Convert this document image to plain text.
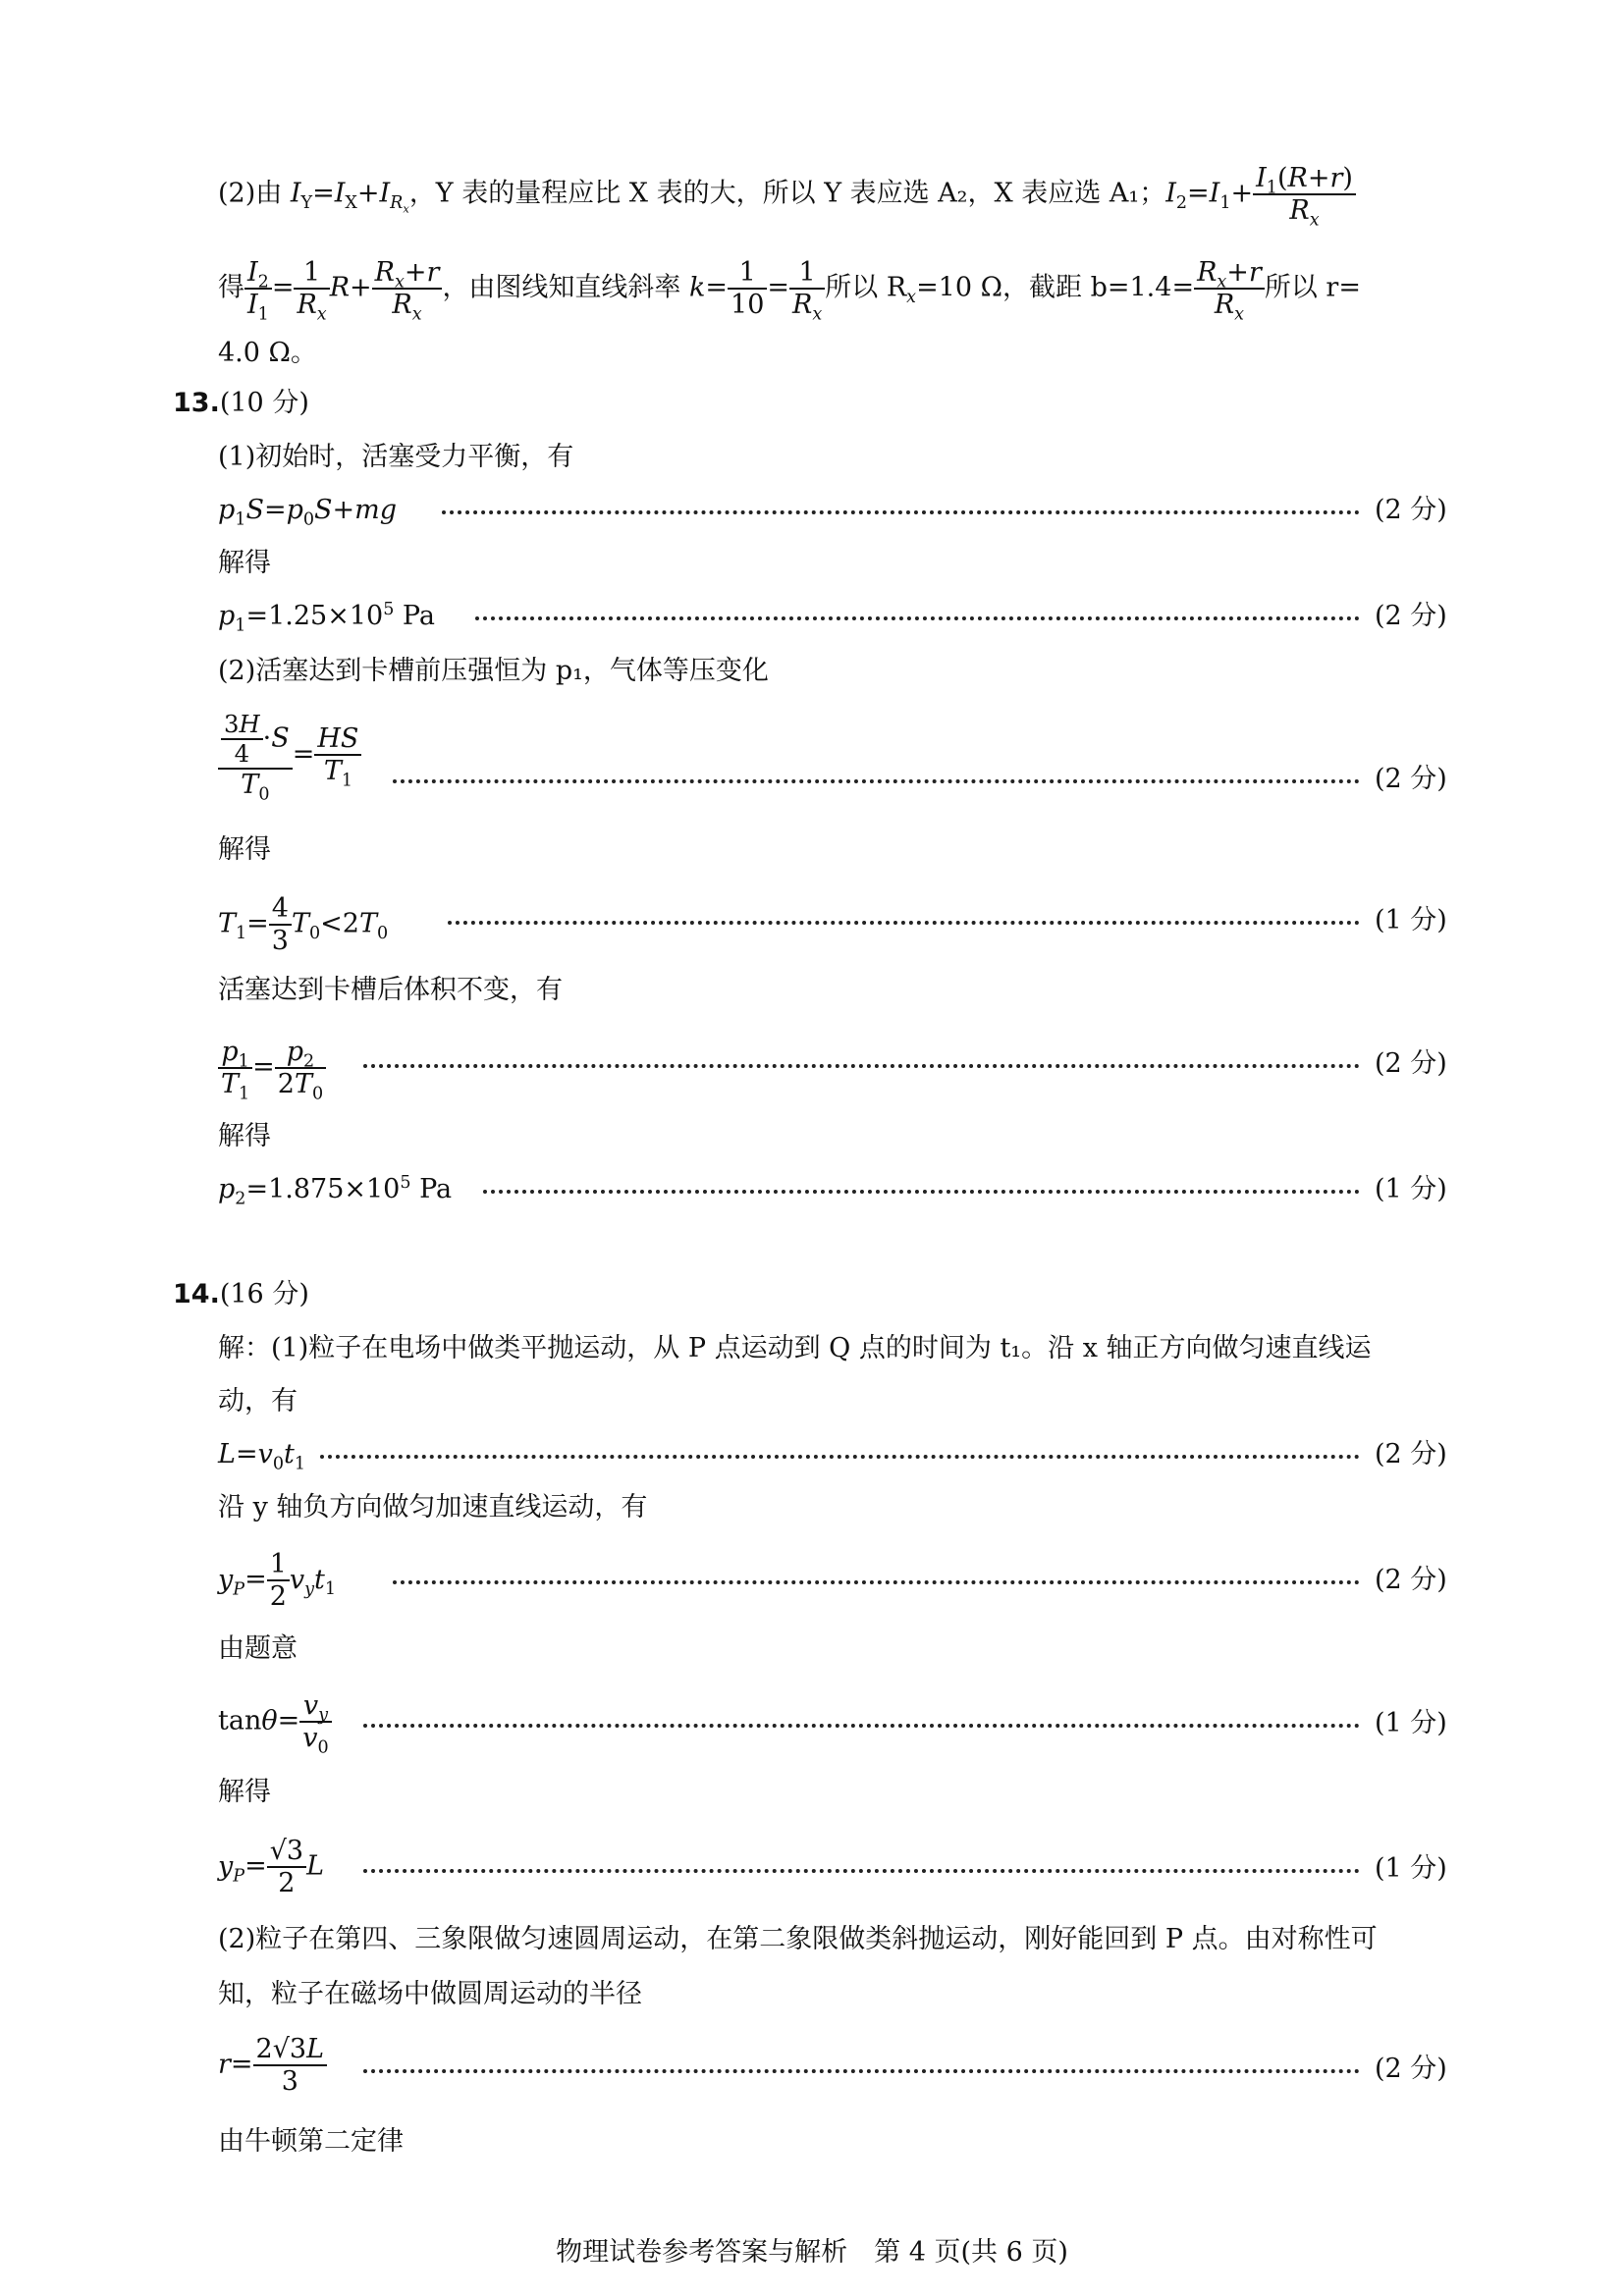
(2)由 $I_Y=I_X+I_{R_x}$，Y 表的量程应比 X 表的大，所以 Y 表应选 A₂，X 表应选 A₁；$I_2=I_1+ \frac{I_1(R+r)}{R_x}$
得 $\frac{I_2}{I_1} = \frac{1}{R_x} R+ \frac{R_x+r}{R_x}$ ，由图线知直线斜率 $k= \frac{1}{10} = \frac{1}{R_x}$ 所以 $R_x=10$ Ω，截距 $b=1.4= \frac{R_x+r}{R_x}$ 所以 r=
4.0 Ω。
13.(10 分)
(1)初始时，活塞受力平衡，有
$p_1S=p_0S+mg$	(2 分)
解得
$p_1=1.25\times 10^5$ Pa	(2 分)
(2)活塞达到卡槽前压强恒为 p₁，气体等压变化
$\frac{\frac{3H}{4} \cdot S}{T_0} = \frac{HS}{T_1}$	(2 分)
解得
$T_1= \frac{4}{3} T_0<2T_0$	(1 分)
活塞达到卡槽后体积不变，有
$\frac{p_1}{T_1} = \frac{p_2}{2T_0}$	(2 分)
解得
$p_2=1.875\times 10^5$ Pa	(1 分)
14.(16 分)
解：(1)粒子在电场中做类平抛运动，从 P 点运动到 Q 点的时间为 t₁。沿 x 轴正方向做匀速直线运
动，有
$L=v_0t_1$	(2 分)
沿 y 轴负方向做匀加速直线运动，有
$y_P= \frac{1}{2} v_yt_1$	(2 分)
由题意
$\tan\theta= \frac{v_y}{v_0}$	(1 分)
解得
$y_P= \frac{√3}{2}$ L	(1 分)
(2)粒子在第四、三象限做匀速圆周运动，在第二象限做类斜抛运动，刚好能回到 P 点。由对称性可
知，粒子在磁场中做圆周运动的半径
$r= \frac{2√3L}{3}$	(2 分)
由牛顿第二定律
物理试卷参考答案与解析　第 4 页(共 6 页)
